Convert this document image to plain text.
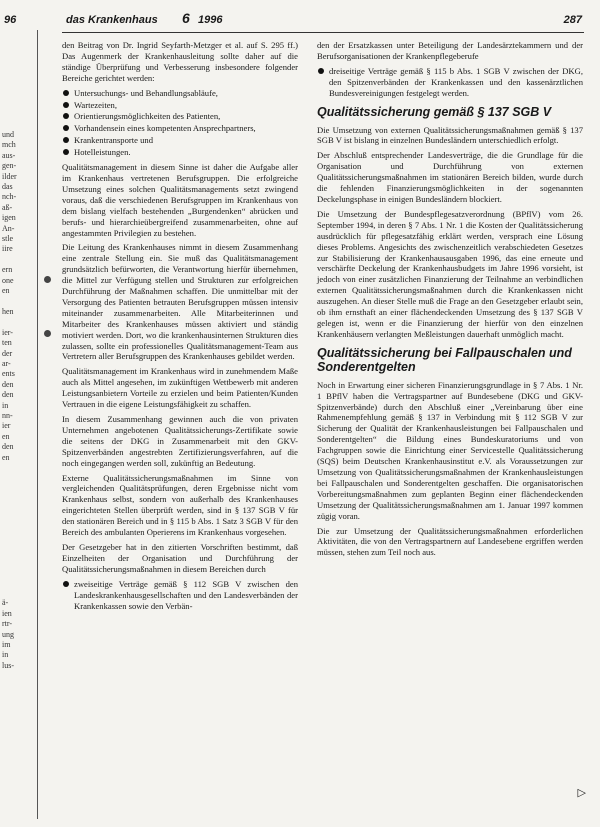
96	das Krankenhaus 6 1996	287
und
mch
aus-
gen-
ilder
das
nch-
aß-
igen
An-
stle
iire

ern
one
en

hen

ier-
ten
der
ar-
ents
den
den
in
nn-
ier
en
den
en

ä-
ien
rtr-
ung
im
in
lus-

den Beitrag von Dr. Ingrid Seyfarth-Metzger et al. auf S. 295 ff.) Das Augenmerk der Krankenhausleitung sollte daher auf die ständige Überprüfung und Verbesserung insbesondere folgender Bereiche gerichtet werden:

Untersuchungs- und Behandlungsabläufe,
Wartezeiten,
Orientierungsmöglichkeiten des Patienten,
Vorhandensein eines kompetenten Ansprechpartners,
Krankentransporte und
Hotelleistungen.

Qualitätsmanagement in diesem Sinne ist daher die Aufgabe aller im Krankenhaus vertretenen Berufsgruppen. Die erfolgreiche Umsetzung eines solchen Qualitätsmanagements setzt zwingend voraus, daß die verschiedenen Berufsgruppen im Krankenhaus von dem bislang vielfach bestehenden „Burgendenken“ abrücken und berufs- und hierarchieübergreifend zusammenarbeiten, ohne auf angestammten Privilegien zu bestehen.

Die Leitung des Krankenhauses nimmt in diesem Zusammenhang eine zentrale Stellung ein. Sie muß das Qualitätsmanagement grundsätzlich befürworten, die Verantwortung hierfür übernehmen, die Mittel zur Verfügung stellen und Strukturen zur erfolgreichen Durchführung der Maßnahmen schaffen. Die unmittelbar mit der Versorgung des Patienten betrauten Berufsgruppen müssen intensiv miteinander zusammenarbeiten. Alle Mitarbeiterinnen und Mitarbeiter des Krankenhauses müssen aktiviert und ständig motiviert werden. Dort, wo die krankenhausinternen Strukturen dies zulassen, sollte ein professionelles Qualitätsmanagement-Team aus Vertretern aller Berufsgruppen des Krankenhauses gebildet werden.

Qualitätsmanagement im Krankenhaus wird in zunehmendem Maße auch als Mittel angesehen, im zukünftigen Wettbewerb mit anderen Leistungsanbietern Vorteile zu erzielen und beim Patienten/Kunden Vertrauen in die eigene Leistungsfähigkeit zu schaffen.

In diesem Zusammenhang gewinnen auch die von privaten Unternehmen angebotenen Qualitätssicherungs-Zertifikate sowie die seitens der DKG in Zusammenarbeit mit den GKV-Spitzenverbänden angestrebten Zertifizierungsverfahren, auf die noch eingegangen werden soll, zukünftig an Bedeutung.

Externe Qualitätssicherungsmaßnahmen im Sinne von vergleichenden Qualitätsprüfungen, deren Ergebnisse nicht vom Krankenhaus selbst, sondern von außerhalb des Krankenhauses eingerichteten Stellen überprüft werden, sind in § 137 SGB V für den stationären Bereich und in § 115 b Abs. 1 Satz 3 SGB V für den Bereich des ambulanten Operierens im Krankenhaus vorgesehen.

Der Gesetzgeber hat in den zitierten Vorschriften bestimmt, daß Einzelheiten der Organisation und Durchführung der Qualitätssicherungsmaßnahmen in diesem Bereichen durch

zweiseitige Verträge gemäß § 112 SGB V zwischen den Landeskrankenhausgesellschaften und den Landesverbänden der Krankenkassen sowie den Verbän-

den der Ersatzkassen unter Beteiligung der Landesärztekammern und der Berufsorganisationen der Krankenpflegeberufe

dreiseitige Verträge gemäß § 115 b Abs. 1 SGB V zwischen der DKG, den Spitzenverbänden der Krankenkassen und den kassenärztlichen Bundesvereinigungen festgelegt werden.
Qualitätssicherung gemäß § 137 SGB V

Die Umsetzung von externen Qualitätssicherungsmaßnahmen gemäß § 137 SGB V ist bislang in einzelnen Bundesländern unterschiedlich erfolgt.

Der Abschluß entsprechender Landesverträge, die die Grundlage für die Organisation und Durchführung von externen Qualitätssicherungsmaßnahmen im stationären Bereich bilden, wurde durch die fehlenden Finanzierungsmöglichkeiten in der sogenannten Deckelungsphase in einigen Bundesländern blockiert.

Die Umsetzung der Bundespflegesatzverordnung (BPflV) vom 26. September 1994, in deren § 7 Abs. 1 Nr. 1 die Kosten der Qualitätssicherung ausdrücklich für pflegesatzfähig erklärt werden, versprach eine Lösung dieses Problems. Angesichts des zwischenzeitlich verabschiedeten Gesetzes zur Stabilisierung der Krankenhausausgaben 1996, das eine erneute und verschärfte Deckelung der Krankenhausbudgets im Jahre 1996 vorsieht, ist jedoch von einer zusätzlichen Finanzierung der Teilnahme an verbindlichen externen Qualitätssicherungsmaßnahmen durch die Krankenkassen nicht auszugehen. An dieser Stelle muß die Frage an den Gesetzgeber erlaubt sein, ob ihm ernsthaft an einer flächendeckenden Umsetzung des § 137 SGB V gelegen ist, wenn er die Finanzierung der hierfür von den einzelnen Krankenhäusern verlangten Meßleistungen dauerhaft unmöglich macht.

Qualitätssicherung bei Fallpauschalen und Sonderentgelten

Noch in Erwartung einer sicheren Finanzierungsgrundlage in § 7 Abs. 1 Nr. 1 BPflV haben die Vertragspartner auf Bundesebene (DKG und GKV-Spitzenverbände) durch den Abschluß einer „Vereinbarung über eine Rahmenempfehlung gemäß § 137 in Verbindung mit § 112 SGB V zur Sicherung der Qualität der Krankenhausleistungen bei Fallpauschalen und Sonderentgelten“ die Bildung eines Bundeskuratoriums und von Fachgruppen sowie die Einrichtung einer Servicestelle Qualitätssicherung (SQS) beim Deutschen Krankenhausinstitut e.V. als Voraussetzungen zur Umsetzung von Qualitätssicherungsmaßnahmen der Krankenhausleistungen bei Fallpauschalen und Sonderentgelten geschaffen. Die organisatorischen Vorbereitungsmaßnahmen zum geplanten Beginn einer flächendeckenden Umsetzung der Qualitätssicherungsmaßnahmen am 1. Januar 1997 kommen zügig voran.

Die zur Umsetzung der Qualitätssicherungsmaßnahmen erforderlichen Aktivitäten, die von den Vertragspartnern auf Landesebene ergriffen werden müssen, stehen zum Teil noch aus.

▷
